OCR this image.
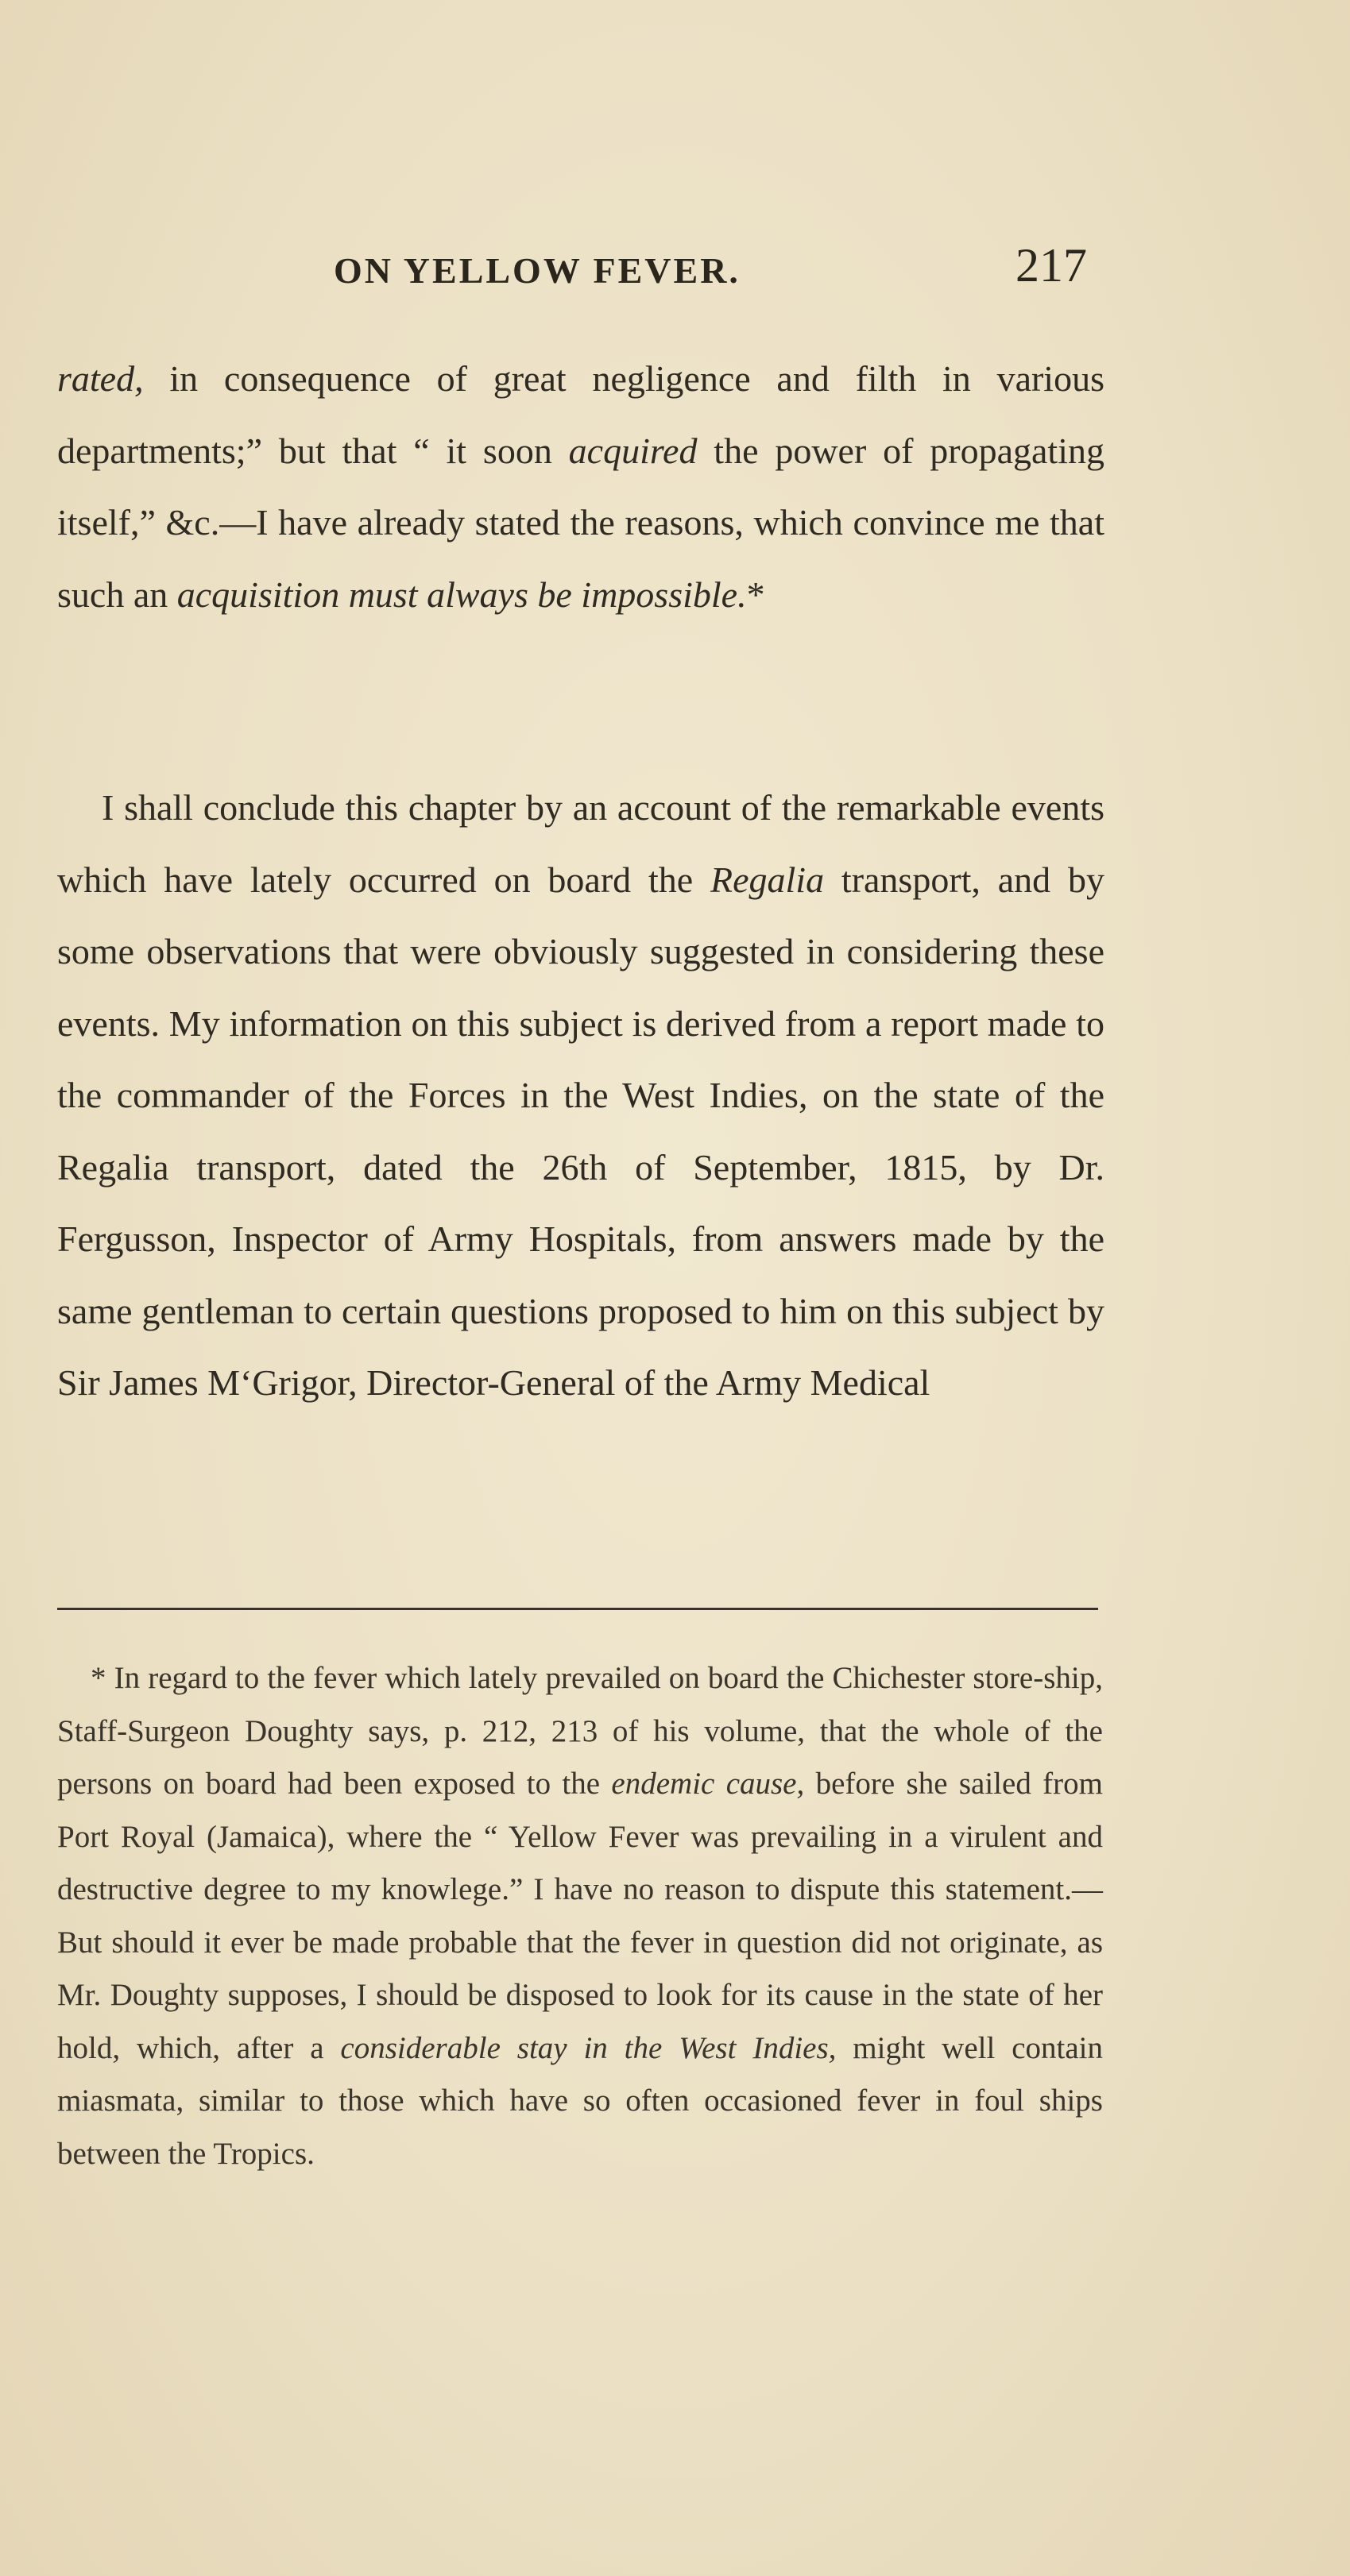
ON YELLOW FEVER.	217

rated, in consequence of great negligence and filth in various departments;” but that “ it soon acquired the power of propagating itself,” &c.—I have already stated the reasons, which convince me that such an acquisition must always be impossible.*

I shall conclude this chapter by an account of the remarkable events which have lately occurred on board the Regalia transport, and by some observations that were obviously suggested in considering these events. My information on this subject is derived from a report made to the commander of the Forces in the West Indies, on the state of the Regalia transport, dated the 26th of September, 1815, by Dr. Fergusson, Inspector of Army Hospitals, from answers made by the same gentleman to certain questions proposed to him on this subject by Sir James M‘Grigor, Director-General of the Army Medical

* In regard to the fever which lately prevailed on board the Chichester store-ship, Staff-Surgeon Doughty says, p. 212, 213 of his volume, that the whole of the persons on board had been exposed to the endemic cause, before she sailed from Port Royal (Jamaica), where the “ Yellow Fever was prevailing in a virulent and destructive degree to my knowlege.” I have no reason to dispute this statement.—But should it ever be made probable that the fever in question did not originate, as Mr. Doughty supposes, I should be disposed to look for its cause in the state of her hold, which, after a considerable stay in the West Indies, might well contain miasmata, similar to those which have so often occasioned fever in foul ships between the Tropics.
